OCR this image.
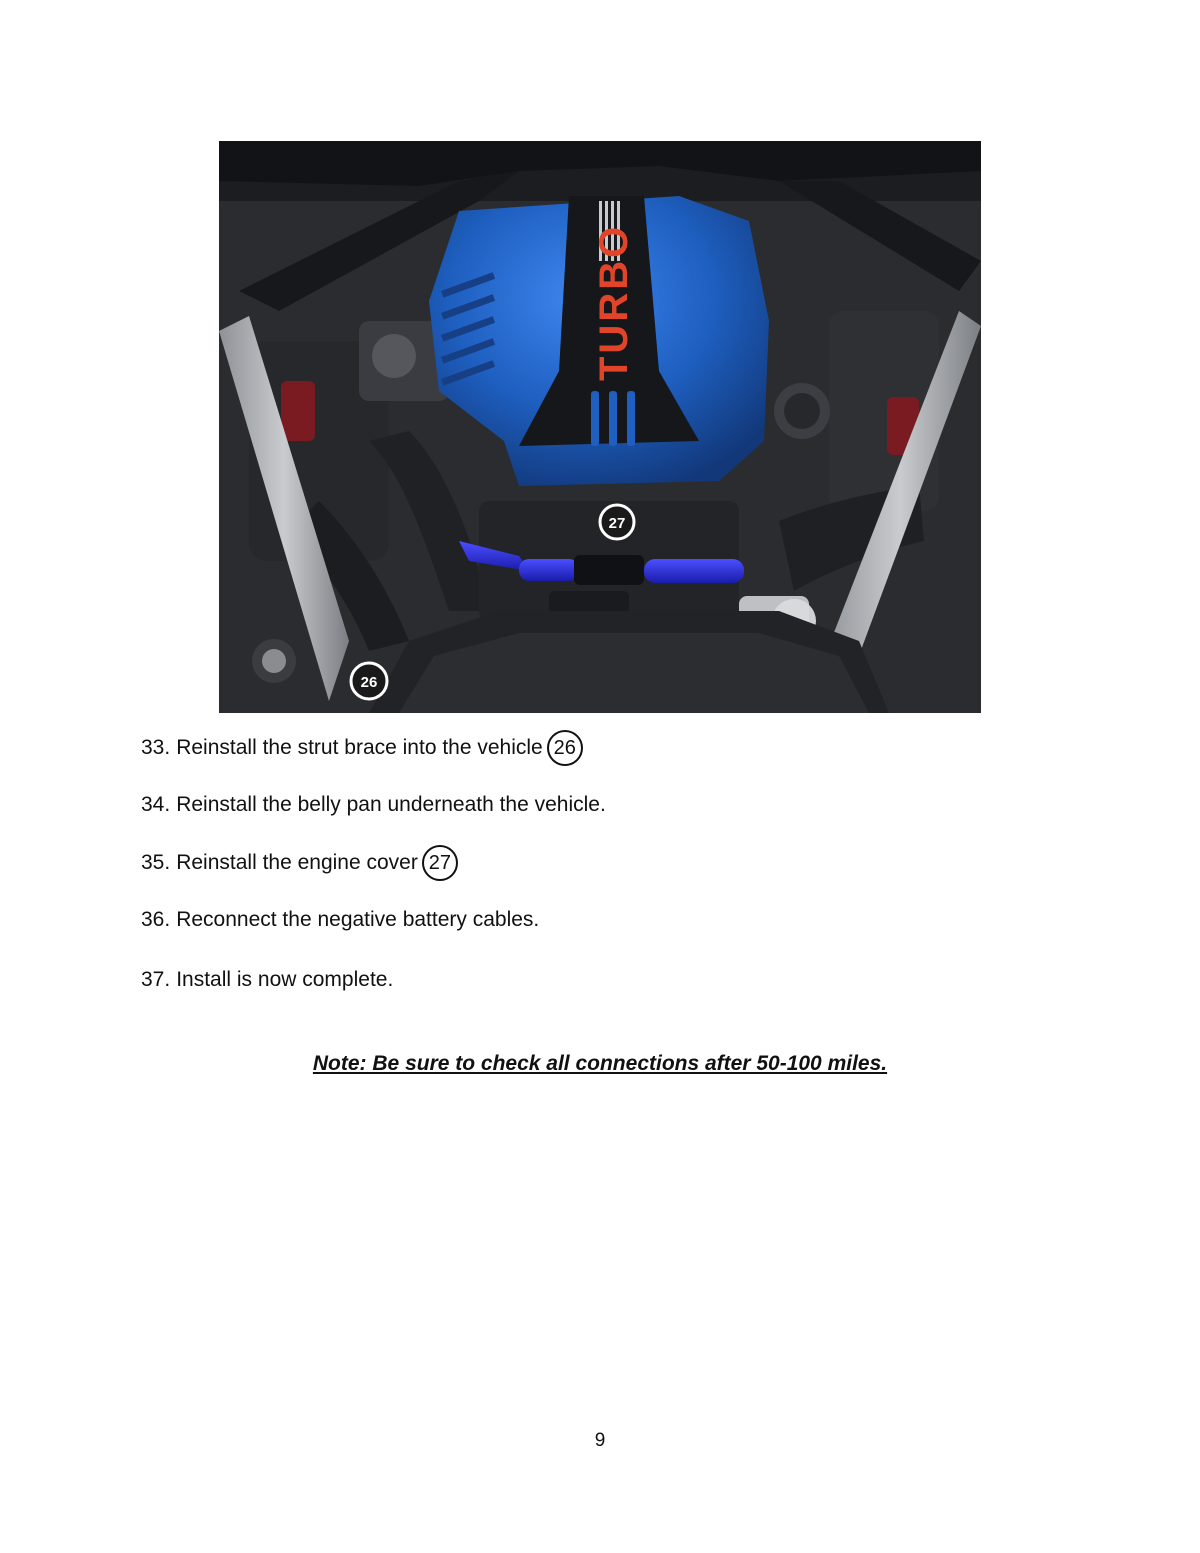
TURBO
27
26
33. Reinstall the strut brace into the vehicle 26
34. Reinstall the belly pan underneath the vehicle.
35. Reinstall the engine cover 27
36. Reconnect the negative battery cables.
37. Install is now complete.
Note: Be sure to check all connections after 50-100 miles.
9
